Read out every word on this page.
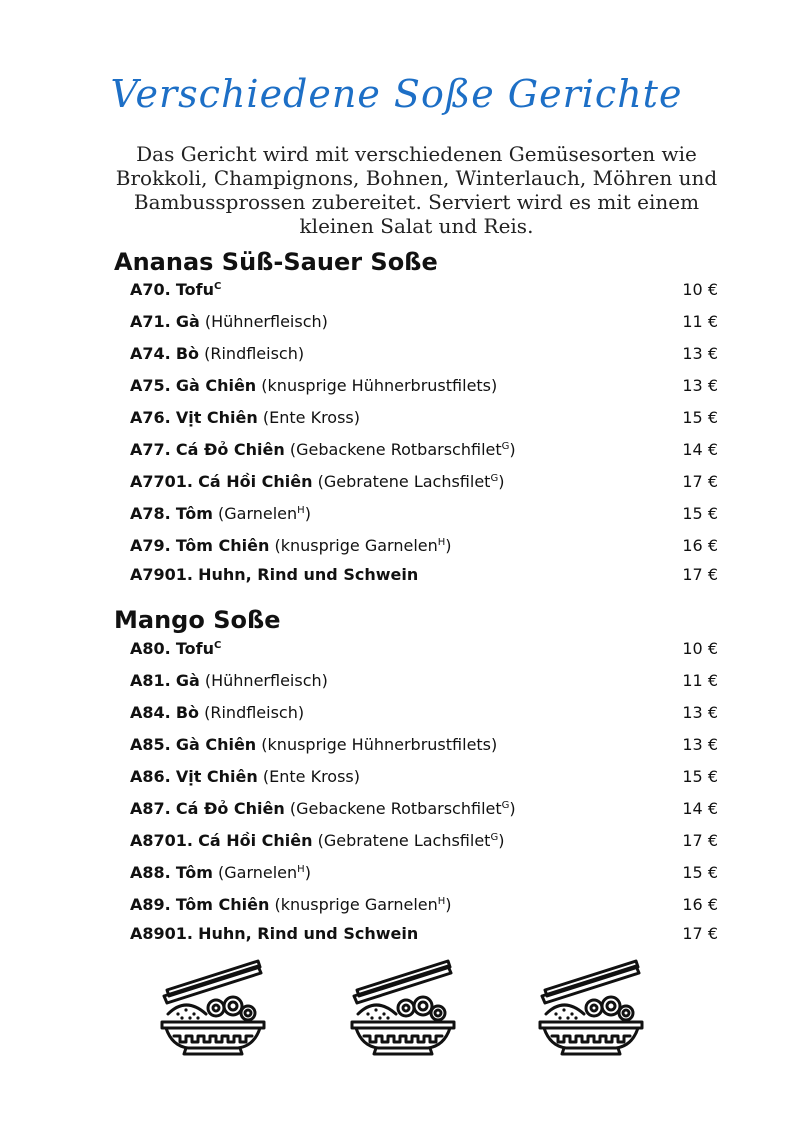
Verschiedene Soße Gerichte
Das Gericht wird mit verschiedenen Gemüsesorten wie Brokkoli, Champignons, Bohnen, Winterlauch, Möhren und Bambussprossen zubereitet. Serviert wird es mit einem kleinen Salat und Reis.
Ananas Süß-Sauer Soße
A70. Tofu$^C$	10 €
A71. Gà (Hühnerfleisch)	11 €
A74. Bò (Rindfleisch)	13 €
A75. Gà Chiên (knusprige Hühnerbrustfilets)	13 €
A76. Vịt Chiên (Ente Kross)	15 €
A77. Cá Đỏ Chiên (Gebackene Rotbarschfilet$^G$)	14 €
A7701. Cá Hồi Chiên (Gebratene Lachsfilet$^G$)	17 €
A78. Tôm (Garnelen$^H$)	15 €
A79. Tôm Chiên (knusprige Garnelen$^H$)	16 €
A7901. Huhn, Rind und Schwein	17 €
Mango Soße
A80. Tofu$^C$	10 €
A81. Gà (Hühnerfleisch)	11 €
A84. Bò (Rindfleisch)	13 €
A85. Gà Chiên (knusprige Hühnerbrustfilets)	13 €
A86. Vịt Chiên (Ente Kross)	15 €
A87. Cá Đỏ Chiên (Gebackene Rotbarschfilet$^G$)	14 €
A8701. Cá Hồi Chiên (Gebratene Lachsfilet$^G$)	17 €
A88. Tôm (Garnelen$^H$)	15 €
A89. Tôm Chiên (knusprige Garnelen$^H$)	16 €
A8901. Huhn, Rind und Schwein	17 €
